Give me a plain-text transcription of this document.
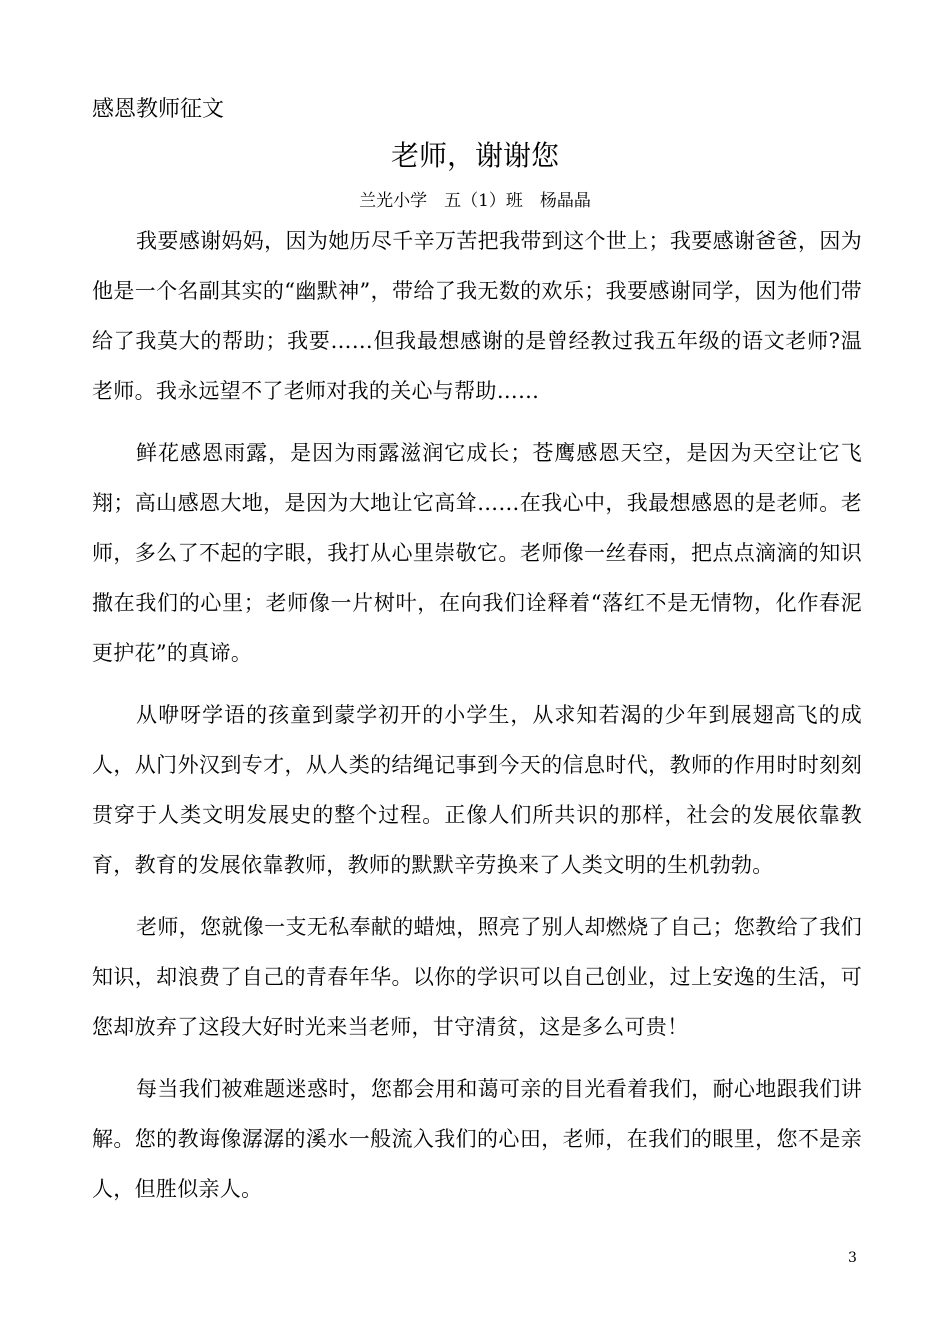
感恩教师征文
老师，谢谢您
兰光小学　五（1）班　杨晶晶

我要感谢妈妈，因为她历尽千辛万苦把我带到这个世上；我要感谢爸爸，因为他是一个名副其实的“幽默神”，带给了我无数的欢乐；我要感谢同学，因为他们带给了我莫大的帮助；我要……但我最想感谢的是曾经教过我五年级的语文老师?温老师。我永远望不了老师对我的关心与帮助……

鲜花感恩雨露，是因为雨露滋润它成长；苍鹰感恩天空，是因为天空让它飞翔；高山感恩大地，是因为大地让它高耸……在我心中，我最想感恩的是老师。老师，多么了不起的字眼，我打从心里崇敬它。老师像一丝春雨，把点点滴滴的知识撒在我们的心里；老师像一片树叶，在向我们诠释着“落红不是无情物，化作春泥更护花”的真谛。

从咿呀学语的孩童到蒙学初开的小学生，从求知若渴的少年到展翅高飞的成人，从门外汉到专才，从人类的结绳记事到今天的信息时代，教师的作用时时刻刻贯穿于人类文明发展史的整个过程。正像人们所共识的那样，社会的发展依靠教育，教育的发展依靠教师，教师的默默辛劳换来了人类文明的生机勃勃。

老师，您就像一支无私奉献的蜡烛，照亮了别人却燃烧了自己；您教给了我们知识，却浪费了自己的青春年华。以你的学识可以自己创业，过上安逸的生活，可您却放弃了这段大好时光来当老师，甘守清贫，这是多么可贵！

每当我们被难题迷惑时，您都会用和蔼可亲的目光看着我们，耐心地跟我们讲解。您的教诲像潺潺的溪水一般流入我们的心田，老师，在我们的眼里，您不是亲人，但胜似亲人。

3
